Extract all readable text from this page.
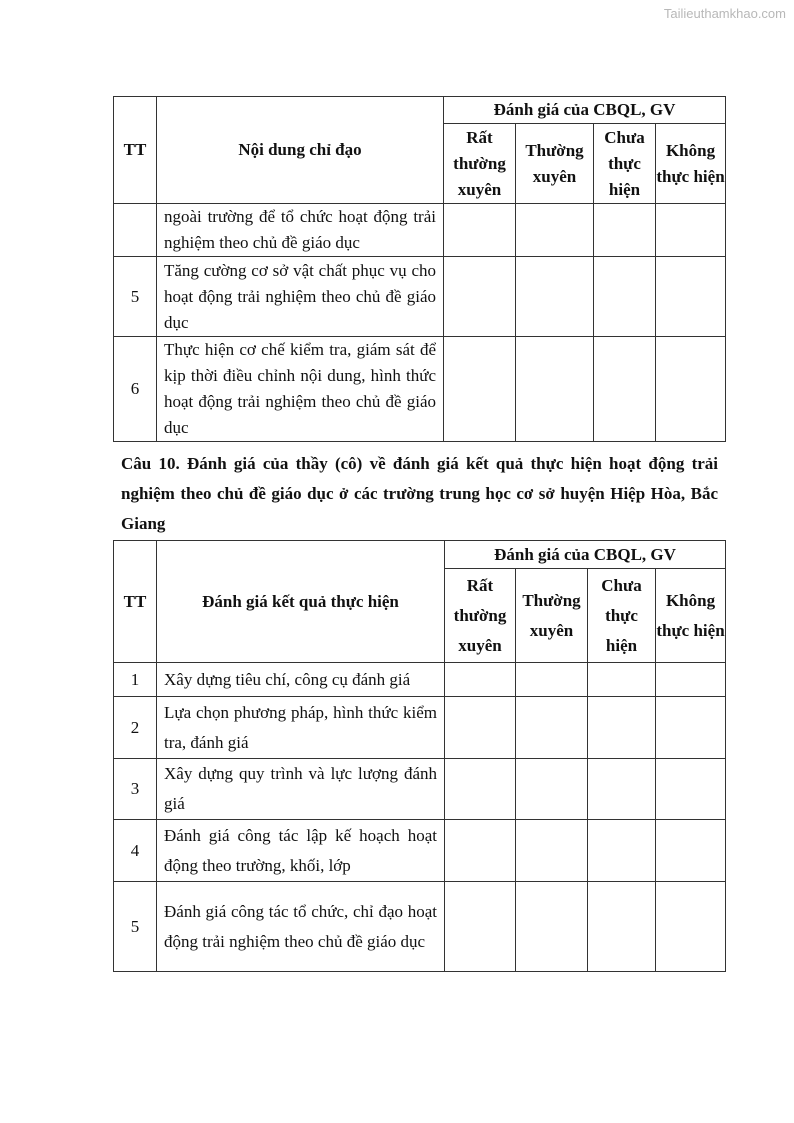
Tailieuthamkhao.com
TT	Nội dung chỉ đạo	Đánh giá của CBQL, GV			
		Rất thường xuyên	Thường xuyên	Chưa thực hiện	Không thực hiện
	ngoài trường để tổ chức hoạt động trải nghiệm theo chủ đề giáo dục				
5	Tăng cường cơ sở vật chất phục vụ cho hoạt động trải nghiệm theo chủ đề giáo dục				
6	Thực hiện cơ chế kiểm tra, giám sát để kịp thời điều chỉnh nội dung, hình thức hoạt động trải nghiệm theo chủ đề giáo dục				
Câu 10. Đánh giá của thầy (cô) về đánh giá kết quả thực hiện hoạt động trải nghiệm theo chủ đề giáo dục ở các trường trung học cơ sở huyện Hiệp Hòa, Bắc Giang
TT	Đánh giá kết quả thực hiện	Đánh giá của CBQL, GV			
		Rất thường xuyên	Thường xuyên	Chưa thực hiện	Không thực hiện
1	Xây dựng tiêu chí, công cụ đánh giá				
2	Lựa chọn phương pháp, hình thức kiểm tra, đánh giá				
3	Xây dựng quy trình và lực lượng đánh giá				
4	Đánh giá công tác lập kế hoạch hoạt động theo trường, khối, lớp				
5	Đánh giá công tác tổ chức, chỉ đạo hoạt động trải nghiệm theo chủ đề giáo dục				
